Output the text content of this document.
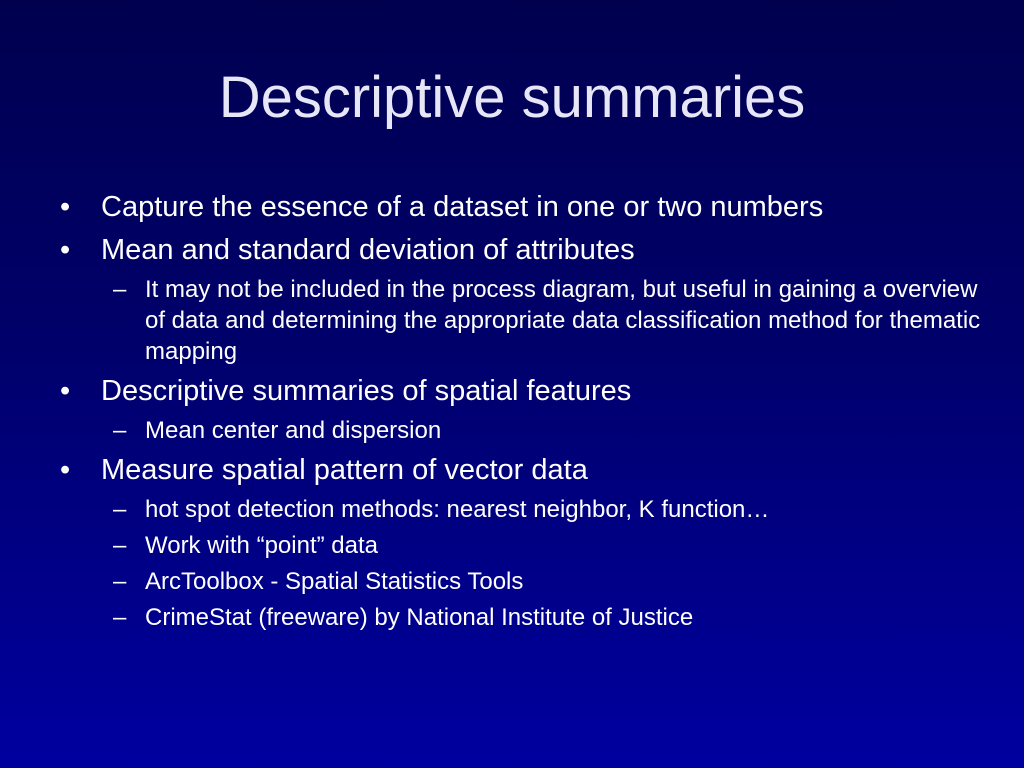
Descriptive summaries
• Capture the essence of a dataset in one or two numbers
• Mean and standard deviation of attributes
– It may not be included in the process diagram, but useful in gaining a overview of data and determining the appropriate data classification method for thematic mapping
• Descriptive summaries of spatial features
– Mean center and dispersion
• Measure spatial pattern of vector data
– hot spot detection methods: nearest neighbor, K function…
– Work with “point” data
– ArcToolbox - Spatial Statistics Tools
– CrimeStat (freeware) by National Institute of Justice
